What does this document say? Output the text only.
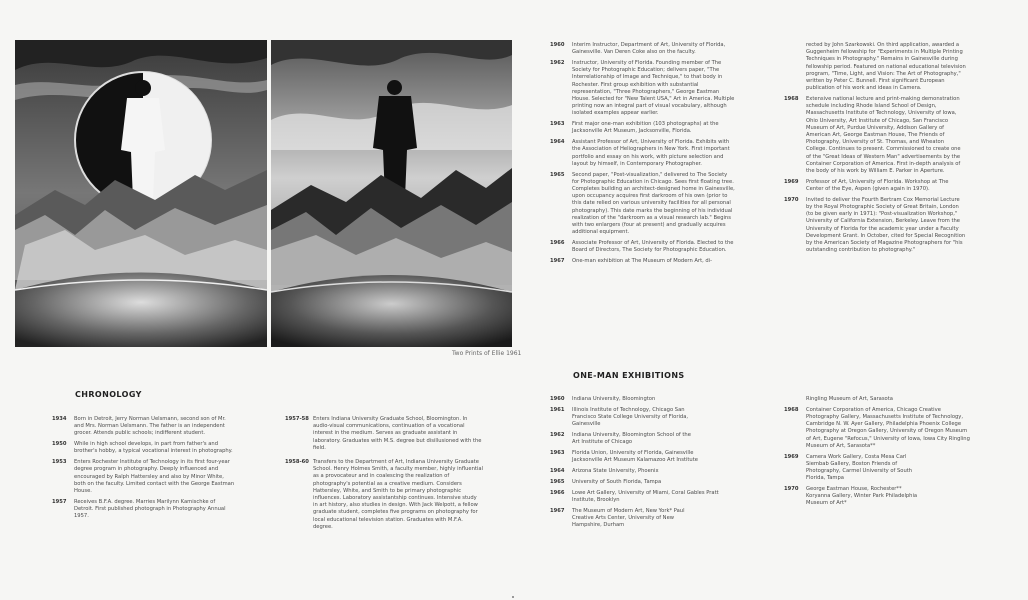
Two Prints of Ellie 1961
CHRONOLOGY
1934	Born in Detroit, Jerry Norman Uelsmann, second son of Mr. and Mrs. Norman Uelsmann. The father is an independent grocer. Attends public schools; indifferent student.
1950	While in high school develops, in part from father's and brother's hobby, a typical vocational interest in photography.
1953	Enters Rochester Institute of Technology in its first four-year degree program in photography. Deeply influenced and encouraged by Ralph Hattersley and also by Minor White, both on the faculty. Limited contact with the George Eastman House.
1957	Receives B.F.A. degree. Marries Marilynn Kamischke of Detroit. First published photograph in Photography Annual 1957.
1957-58 Enters Indiana University Graduate School, Bloomington. In audio-visual communications, continuation of a vocational interest in the medium. Serves as graduate assistant in laboratory. Graduates with M.S. degree but disillusioned with the field.
1958-60 Transfers to the Department of Art, Indiana University Graduate School. Henry Holmes Smith, a faculty member, highly influential as a provocateur and in coalescing the realization of photography's potential as a creative medium. Considers Hattersley, White, and Smith to be primary photographic influences. Laboratory assistantship continues. Intensive study in art history, also studies in design. With Jack Welpott, a fellow graduate student, completes five programs on photography for local educational television station. Graduates with M.F.A. degree.
1960	Interim Instructor, Department of Art, University of Florida, Gainesville. Van Deren Coke also on the faculty.
1962	Instructor, University of Florida. Founding member of The Society for Photographic Education; delivers paper, "The Interrelationship of Image and Technique," to that body in Rochester. First group exhibition with substantial representation, "Three Photographers," George Eastman House. Selected for "New Talent USA," Art in America. Multiple printing now an integral part of visual vocabulary, although isolated examples appear earlier.
1963	First major one-man exhibition (103 photographs) at the Jacksonville Art Museum, Jacksonville, Florida.
1964	Assistant Professor of Art, University of Florida. Exhibits with the Association of Heliographers in New York. First important portfolio and essay on his work, with picture selection and layout by himself, in Contemporary Photographer.
1965	Second paper, "Post-visualization," delivered to The Society for Photographic Education in Chicago. Sees first floating tree. Completes building an architect-designed home in Gainesville, upon occupancy acquires first darkroom of his own (prior to this date relied on various university facilities for all personal photography). This date marks the beginning of his individual realization of the "darkroom as a visual research lab." Begins with two enlargers (four at present) and gradually acquires additional equipment.
1966	Associate Professor of Art, University of Florida. Elected to the Board of Directors, The Society for Photographic Education.
1967	One-man exhibition at The Museum of Modern Art, di-
rected by John Szarkowski. On third application, awarded a Guggenheim fellowship for "Experiments in Multiple Printing Techniques in Photography." Remains in Gainesville during fellowship period. Featured on national educational television program, "Time, Light, and Vision: The Art of Photography," written by Peter C. Bunnell. First significant European publication of his work and ideas in Camera.
1968	Extensive national lecture and print-making demonstration schedule including Rhode Island School of Design, Massachusetts Institute of Technology, University of Iowa, Ohio University, Art Institute of Chicago, San Francisco Museum of Art, Purdue University, Addison Gallery of American Art, George Eastman House, The Friends of Photography, University of St. Thomas, and Wheaton College. Continues to present. Commissioned to create one of the "Great Ideas of Western Man" advertisements by the Container Corporation of America. First in-depth analysis of the body of his work by William E. Parker in Aperture.
1969	Professor of Art, University of Florida. Workshop at The Center of the Eye, Aspen (given again in 1970).
1970	Invited to deliver the Fourth Bertram Cox Memorial Lecture by the Royal Photographic Society of Great Britain, London (to be given early in 1971): "Post-visualization Workshop," University of California Extension, Berkeley. Leave from the University of Florida for the academic year under a Faculty Development Grant. In October, cited for Special Recognition by the American Society of Magazine Photographers for "his outstanding contribution to photography."
ONE-MAN EXHIBITIONS
1960	Indiana University, Bloomington
1961	Illinois Institute of Technology, Chicago San Francisco State College University of Florida, Gainesville
1962	Indiana University, Bloomington School of the Art Institute of Chicago
1963	Florida Union, University of Florida, Gainesville Jacksonville Art Museum Kalamazoo Art Institute
1964	Arizona State University, Phoenix
1965	University of South Florida, Tampa
1966	Lowe Art Gallery, University of Miami, Coral Gables Pratt Institute, Brooklyn
1967	The Museum of Modern Art, New York* Paul Creative Arts Center, University of New Hampshire, Durham
Ringling Museum of Art, Sarasota
1968	Container Corporation of America, Chicago Creative Photography Gallery, Massachusetts Institute of Technology, Cambridge N. W. Ayer Gallery, Philadelphia Phoenix College Photography at Oregon Gallery, University of Oregon Museum of Art, Eugene "Refocus," University of Iowa, Iowa City Ringling Museum of Art, Sarasota**
1969	Camera Work Gallery, Costa Mesa Carl Siembab Gallery, Boston Friends of Photography, Carmel University of South Florida, Tampa
1970	George Eastman House, Rochester** Koryanna Gallery, Winter Park Philadelphia Museum of Art*
